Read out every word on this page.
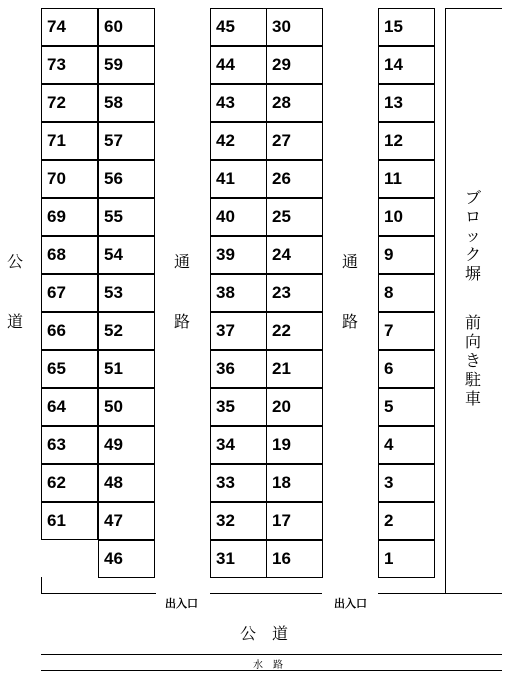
74
73
72
71
70
69
68
67
66
65
64
63
62
61
60
59
58
57
56
55
54
53
52
51
50
49
48
47
46
45
44
43
42
41
40
39
38
37
36
35
34
33
32
31
30
29
28
27
26
25
24
23
22
21
20
19
18
17
16
15
14
13
12
11
10
9
8
7
6
5
4
3
2
1
公
道
通
路
通
路
ブ
ロ
ッ
ク
塀
前
向
き
駐
車
出入口	出入口
公　道
水　路
